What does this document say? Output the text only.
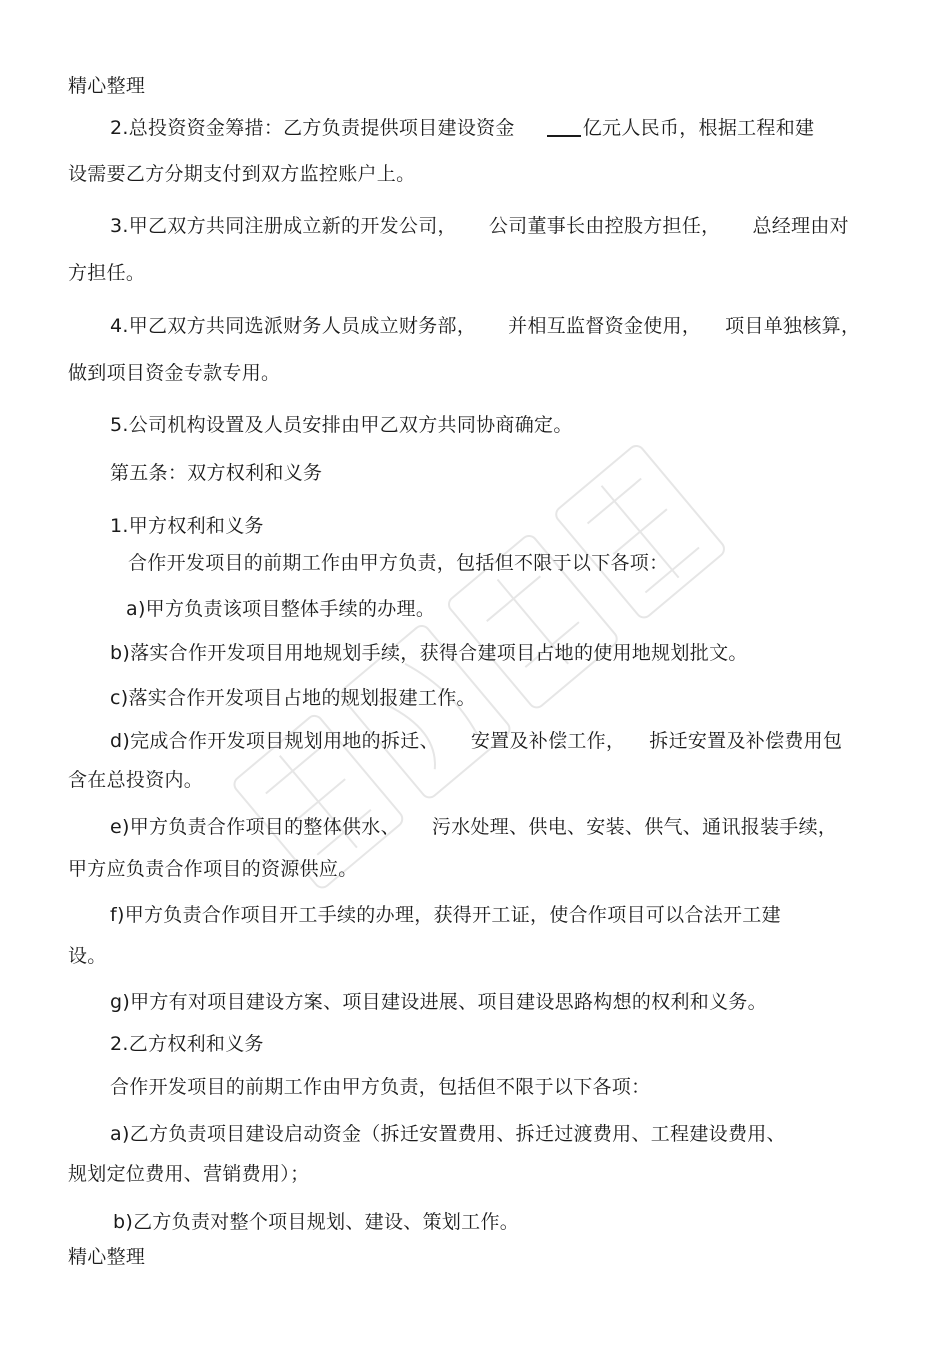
精心整理
2.总投资资金筹措：乙方负责提供项目建设资金	亿元人民币，根据工程和建
设需要乙方分期支付到双方监控账户上。
3.甲乙双方共同注册成立新的开发公司， 公司董事长由控股方担任， 总经理由对
方担任。
4.甲乙双方共同选派财务人员成立财务部， 并相互监督资金使用， 项目单独核算，
做到项目资金专款专用。
5.公司机构设置及人员安排由甲乙双方共同协商确定。
第五条：双方权利和义务
1.甲方权利和义务
合作开发项目的前期工作由甲方负责，包括但不限于以下各项：
a)甲方负责该项目整体手续的办理。
b)落实合作开发项目用地规划手续，获得合建项目占地的使用地规划批文。
c)落实合作开发项目占地的规划报建工作。
d)完成合作开发项目规划用地的拆迁、 安置及补偿工作， 拆迁安置及补偿费用包
含在总投资内。
e)甲方负责合作项目的整体供水、 污水处理、供电、安装、供气、通讯报装手续，
甲方应负责合作项目的资源供应。
f)甲方负责合作项目开工手续的办理，获得开工证，使合作项目可以合法开工建
设。
g)甲方有对项目建设方案、项目建设进展、项目建设思路构想的权利和义务。
2.乙方权利和义务
合作开发项目的前期工作由甲方负责，包括但不限于以下各项：
a)乙方负责项目建设启动资金（拆迁安置费用、拆迁过渡费用、工程建设费用、
规划定位费用、营销费用）；
b)乙方负责对整个项目规划、建设、策划工作。
精心整理
